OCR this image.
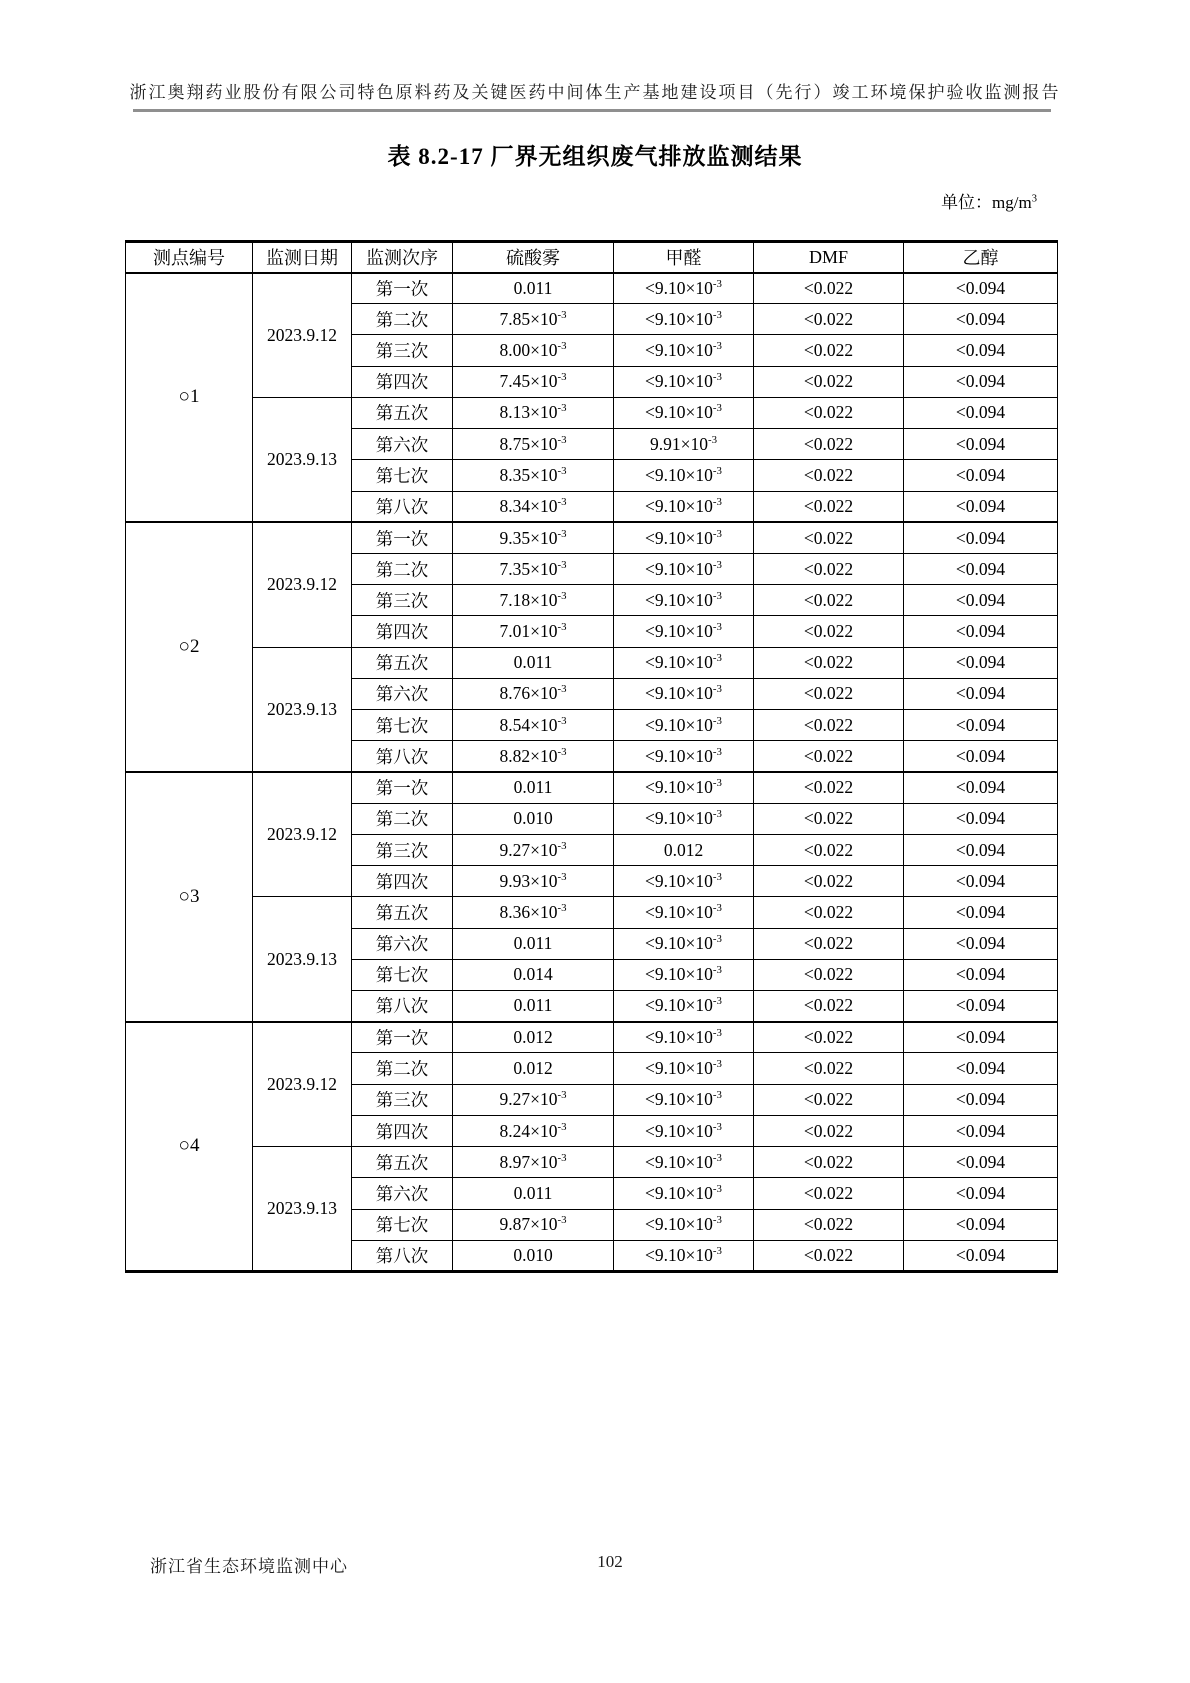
浙江奥翔药业股份有限公司特色原料药及关键医药中间体生产基地建设项目（先行）竣工环境保护验收监测报告
表 8.2-17 厂界无组织废气排放监测结果
单位：$mg/m^3$
测点编号	监测日期	监测次序	硫酸雾	甲醛	DMF	乙醇
○1	2023.9.12	第一次	0.011	$<9.10\times 10^{-3}$	<0.022	<0.094
		第二次	$7.85\times 10^{-3}$	$<9.10\times 10^{-3}$	<0.022	<0.094
		第三次	$8.00\times 10^{-3}$	$<9.10\times 10^{-3}$	<0.022	<0.094
		第四次	$7.45\times 10^{-3}$	$<9.10\times 10^{-3}$	<0.022	<0.094
	2023.9.13	第五次	$8.13\times 10^{-3}$	$<9.10\times 10^{-3}$	<0.022	<0.094
		第六次	$8.75\times 10^{-3}$	$9.91\times 10^{-3}$	<0.022	<0.094
		第七次	$8.35\times 10^{-3}$	$<9.10\times 10^{-3}$	<0.022	<0.094
		第八次	$8.34\times 10^{-3}$	$<9.10\times 10^{-3}$	<0.022	<0.094
○2	2023.9.12	第一次	$9.35\times 10^{-3}$	$<9.10\times 10^{-3}$	<0.022	<0.094
		第二次	$7.35\times 10^{-3}$	$<9.10\times 10^{-3}$	<0.022	<0.094
		第三次	$7.18\times 10^{-3}$	$<9.10\times 10^{-3}$	<0.022	<0.094
		第四次	$7.01\times 10^{-3}$	$<9.10\times 10^{-3}$	<0.022	<0.094
	2023.9.13	第五次	0.011	$<9.10\times 10^{-3}$	<0.022	<0.094
		第六次	$8.76\times 10^{-3}$	$<9.10\times 10^{-3}$	<0.022	<0.094
		第七次	$8.54\times 10^{-3}$	$<9.10\times 10^{-3}$	<0.022	<0.094
		第八次	$8.82\times 10^{-3}$	$<9.10\times 10^{-3}$	<0.022	<0.094
○3	2023.9.12	第一次	0.011	$<9.10\times 10^{-3}$	<0.022	<0.094
		第二次	0.010	$<9.10\times 10^{-3}$	<0.022	<0.094
		第三次	$9.27\times 10^{-3}$	0.012	<0.022	<0.094
		第四次	$9.93\times 10^{-3}$	$<9.10\times 10^{-3}$	<0.022	<0.094
	2023.9.13	第五次	$8.36\times 10^{-3}$	$<9.10\times 10^{-3}$	<0.022	<0.094
		第六次	0.011	$<9.10\times 10^{-3}$	<0.022	<0.094
		第七次	0.014	$<9.10\times 10^{-3}$	<0.022	<0.094
		第八次	0.011	$<9.10\times 10^{-3}$	<0.022	<0.094
○4	2023.9.12	第一次	0.012	$<9.10\times 10^{-3}$	<0.022	<0.094
		第二次	0.012	$<9.10\times 10^{-3}$	<0.022	<0.094
		第三次	$9.27\times 10^{-3}$	$<9.10\times 10^{-3}$	<0.022	<0.094
		第四次	$8.24\times 10^{-3}$	$<9.10\times 10^{-3}$	<0.022	<0.094
	2023.9.13	第五次	$8.97\times 10^{-3}$	$<9.10\times 10^{-3}$	<0.022	<0.094
		第六次	0.011	$<9.10\times 10^{-3}$	<0.022	<0.094
		第七次	$9.87\times 10^{-3}$	$<9.10\times 10^{-3}$	<0.022	<0.094
		第八次	0.010	$<9.10\times 10^{-3}$	<0.022	<0.094
浙江省生态环境监测中心	102
